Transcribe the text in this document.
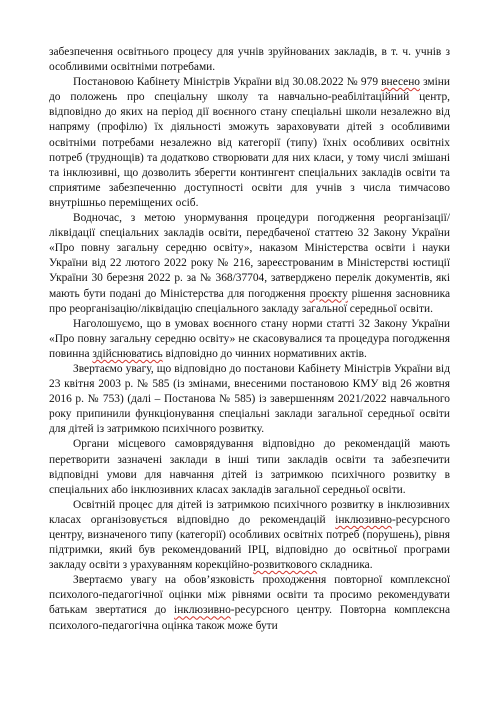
забезпечення освітнього процесу для учнів зруйнованих закладів, в т. ч. учнів з особливими освітніми потребами.

Постановою Кабінету Міністрів України від 30.08.2022 № 979 внесено зміни до положень про спеціальну школу та навчально-реабілітаційний центр, відповідно до яких на період дії воєнного стану спеціальні школи незалежно від напряму (профілю) їх діяльності зможуть зараховувати дітей з особливими освітніми потребами незалежно від категорії (типу) їхніх особливих освітніх потреб (труднощів) та додатково створювати для них класи, у тому числі змішані та інклюзивні, що дозволить зберегти контингент спеціальних закладів освіти та сприятиме забезпеченню доступності освіти для учнів з числа тимчасово внутрішньо переміщених осіб.

Водночас, з метою унормування процедури погодження реорганізації/ліквідації спеціальних закладів освіти, передбаченої статтею 32 Закону України «Про повну загальну середню освіту», наказом Міністерства освіти і науки України від 22 лютого 2022 року № 216, зареєстрованим в Міністерстві юстиції України 30 березня 2022 р. за № 368/37704, затверджено перелік документів, які мають бути подані до Міністерства для погодження проєкту рішення засновника про реорганізацію/ліквідацію спеціального закладу загальної середньої освіти.

Наголошуємо, що в умовах воєнного стану норми статті 32 Закону України «Про повну загальну середню освіту» не скасовувалися та процедура погодження повинна здійснюватись відповідно до чинних нормативних актів.

Звертаємо увагу, що відповідно до постанови Кабінету Міністрів України від 23 квітня 2003 р. № 585 (із змінами, внесеними постановою КМУ від 26 жовтня 2016 р. № 753) (далі – Постанова № 585) із завершенням 2021/2022 навчального року припинили функціонування спеціальні заклади загальної середньої освіти для дітей із затримкою психічного розвитку.

Органи місцевого самоврядування відповідно до рекомендацій мають перетворити зазначені заклади в інші типи закладів освіти та забезпечити відповідні умови для навчання дітей із затримкою психічного розвитку в спеціальних або інклюзивних класах закладів загальної середньої освіти.

Освітній процес для дітей із затримкою психічного розвитку в інклюзивних класах організовується відповідно до рекомендацій інклюзивно-ресурсного центру, визначеного типу (категорії) особливих освітніх потреб (порушень), рівня підтримки, який був рекомендований ІРЦ, відповідно до освітньої програми закладу освіти з урахуванням корекційно-розвиткового складника.

Звертаємо увагу на обов’язковість проходження повторної комплексної психолого-педагогічної оцінки між рівнями освіти та просимо рекомендувати батькам звертатися до інклюзивно-ресурсного центру. Повторна комплексна психолого-педагогічна оцінка також може бути
